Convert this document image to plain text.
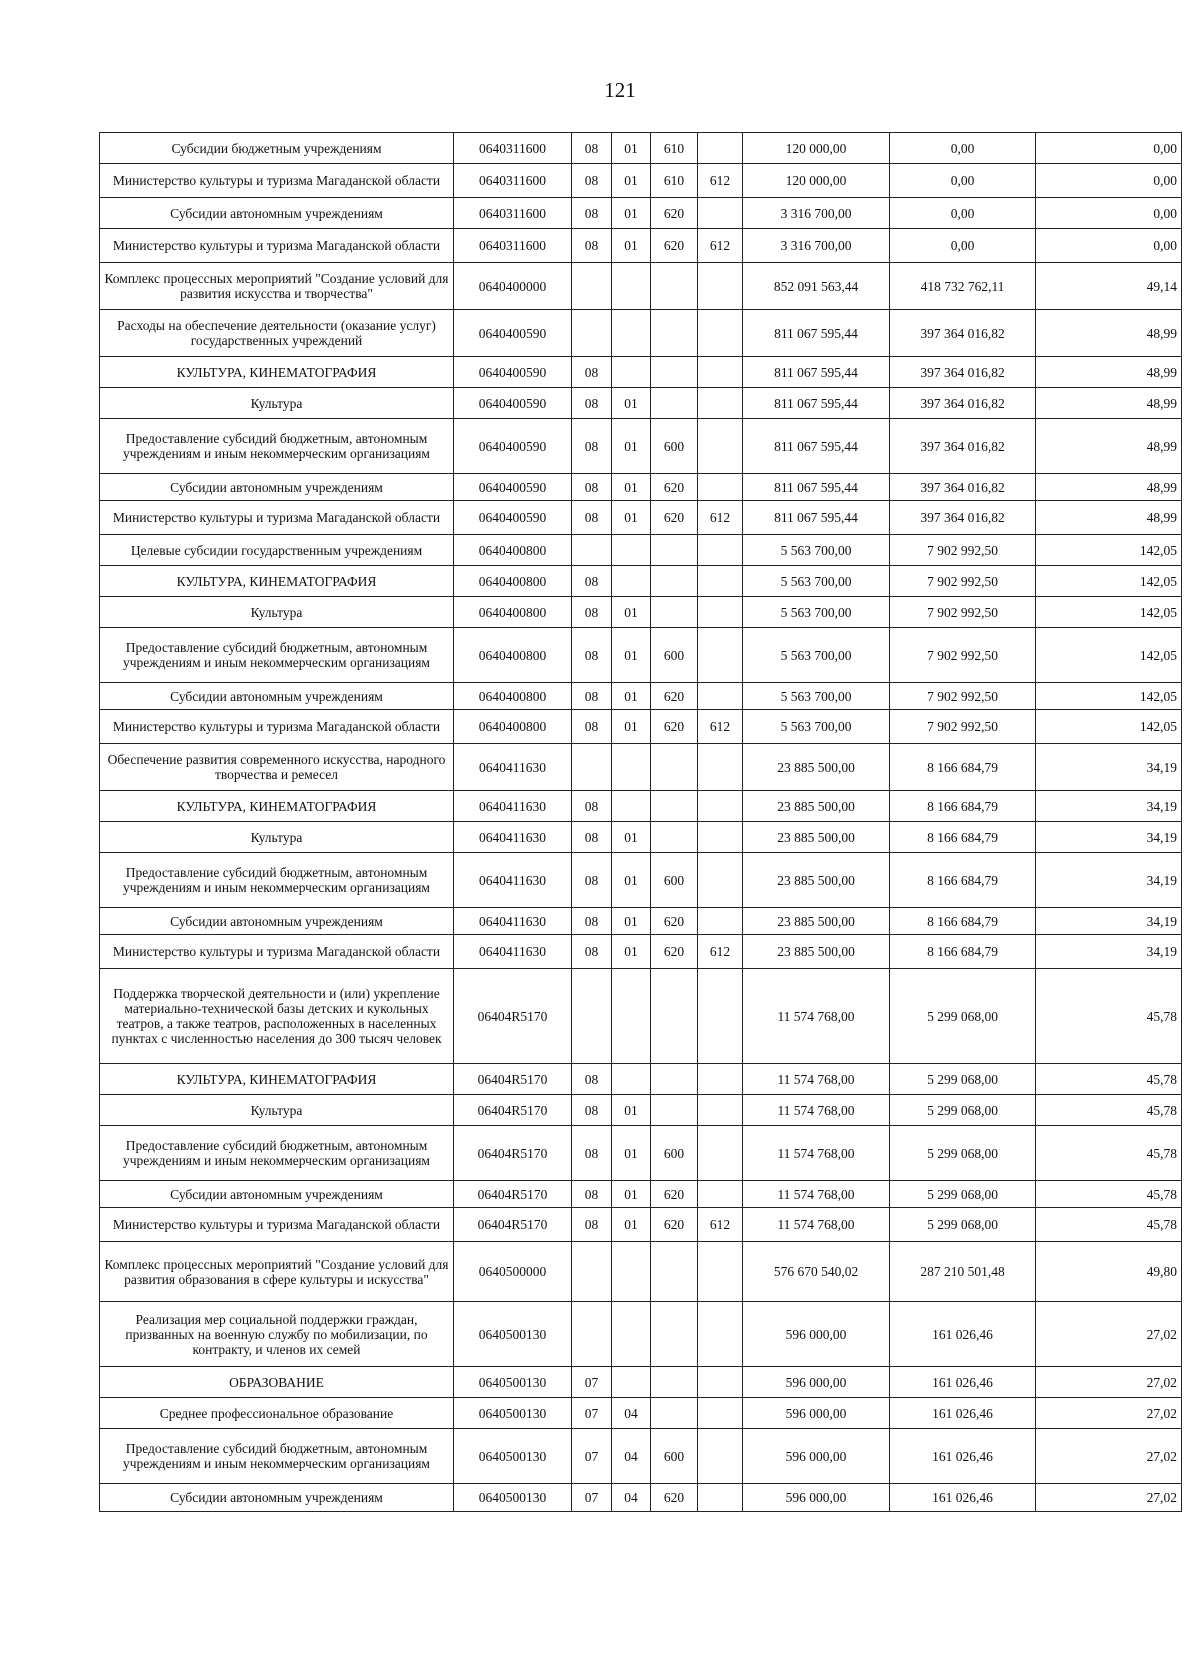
121
Субсидии бюджетным учреждениям	0640311600	08	01	610		120 000,00	0,00	0,00
Министерство культуры и туризма Магаданской области	0640311600	08	01	610	612	120 000,00	0,00	0,00
Субсидии автономным учреждениям	0640311600	08	01	620		3 316 700,00	0,00	0,00
Министерство культуры и туризма Магаданской области	0640311600	08	01	620	612	3 316 700,00	0,00	0,00
Комплекс процессных мероприятий "Создание условий для развития искусства и творчества"	0640400000					852 091 563,44	418 732 762,11	49,14
Расходы на обеспечение деятельности (оказание услуг) государственных учреждений	0640400590					811 067 595,44	397 364 016,82	48,99
КУЛЬТУРА, КИНЕМАТОГРАФИЯ	0640400590	08				811 067 595,44	397 364 016,82	48,99
Культура	0640400590	08	01			811 067 595,44	397 364 016,82	48,99
Предоставление субсидий бюджетным, автономным учреждениям и иным некоммерческим организациям	0640400590	08	01	600		811 067 595,44	397 364 016,82	48,99
Субсидии автономным учреждениям	0640400590	08	01	620		811 067 595,44	397 364 016,82	48,99
Министерство культуры и туризма Магаданской области	0640400590	08	01	620	612	811 067 595,44	397 364 016,82	48,99
Целевые субсидии государственным учреждениям	0640400800					5 563 700,00	7 902 992,50	142,05
КУЛЬТУРА, КИНЕМАТОГРАФИЯ	0640400800	08				5 563 700,00	7 902 992,50	142,05
Культура	0640400800	08	01			5 563 700,00	7 902 992,50	142,05
Предоставление субсидий бюджетным, автономным учреждениям и иным некоммерческим организациям	0640400800	08	01	600		5 563 700,00	7 902 992,50	142,05
Субсидии автономным учреждениям	0640400800	08	01	620		5 563 700,00	7 902 992,50	142,05
Министерство культуры и туризма Магаданской области	0640400800	08	01	620	612	5 563 700,00	7 902 992,50	142,05
Обеспечение развития современного искусства, народного творчества и ремесел	0640411630					23 885 500,00	8 166 684,79	34,19
КУЛЬТУРА, КИНЕМАТОГРАФИЯ	0640411630	08				23 885 500,00	8 166 684,79	34,19
Культура	0640411630	08	01			23 885 500,00	8 166 684,79	34,19
Предоставление субсидий бюджетным, автономным учреждениям и иным некоммерческим организациям	0640411630	08	01	600		23 885 500,00	8 166 684,79	34,19
Субсидии автономным учреждениям	0640411630	08	01	620		23 885 500,00	8 166 684,79	34,19
Министерство культуры и туризма Магаданской области	0640411630	08	01	620	612	23 885 500,00	8 166 684,79	34,19
Поддержка творческой деятельности и (или) укрепление материально-технической базы детских и кукольных театров, а также театров, расположенных в населенных пунктах с численностью населения до 300 тысяч человек	06404R5170					11 574 768,00	5 299 068,00	45,78
КУЛЬТУРА, КИНЕМАТОГРАФИЯ	06404R5170	08				11 574 768,00	5 299 068,00	45,78
Культура	06404R5170	08	01			11 574 768,00	5 299 068,00	45,78
Предоставление субсидий бюджетным, автономным учреждениям и иным некоммерческим организациям	06404R5170	08	01	600		11 574 768,00	5 299 068,00	45,78
Субсидии автономным учреждениям	06404R5170	08	01	620		11 574 768,00	5 299 068,00	45,78
Министерство культуры и туризма Магаданской области	06404R5170	08	01	620	612	11 574 768,00	5 299 068,00	45,78
Комплекс процессных мероприятий "Создание условий для развития образования в сфере культуры и искусства"	0640500000					576 670 540,02	287 210 501,48	49,80
Реализация мер социальной поддержки граждан, призванных на военную службу по мобилизации, по контракту, и членов их семей	0640500130					596 000,00	161 026,46	27,02
ОБРАЗОВАНИЕ	0640500130	07				596 000,00	161 026,46	27,02
Среднее профессиональное образование	0640500130	07	04			596 000,00	161 026,46	27,02
Предоставление субсидий бюджетным, автономным учреждениям и иным некоммерческим организациям	0640500130	07	04	600		596 000,00	161 026,46	27,02
Субсидии автономным учреждениям	0640500130	07	04	620		596 000,00	161 026,46	27,02
